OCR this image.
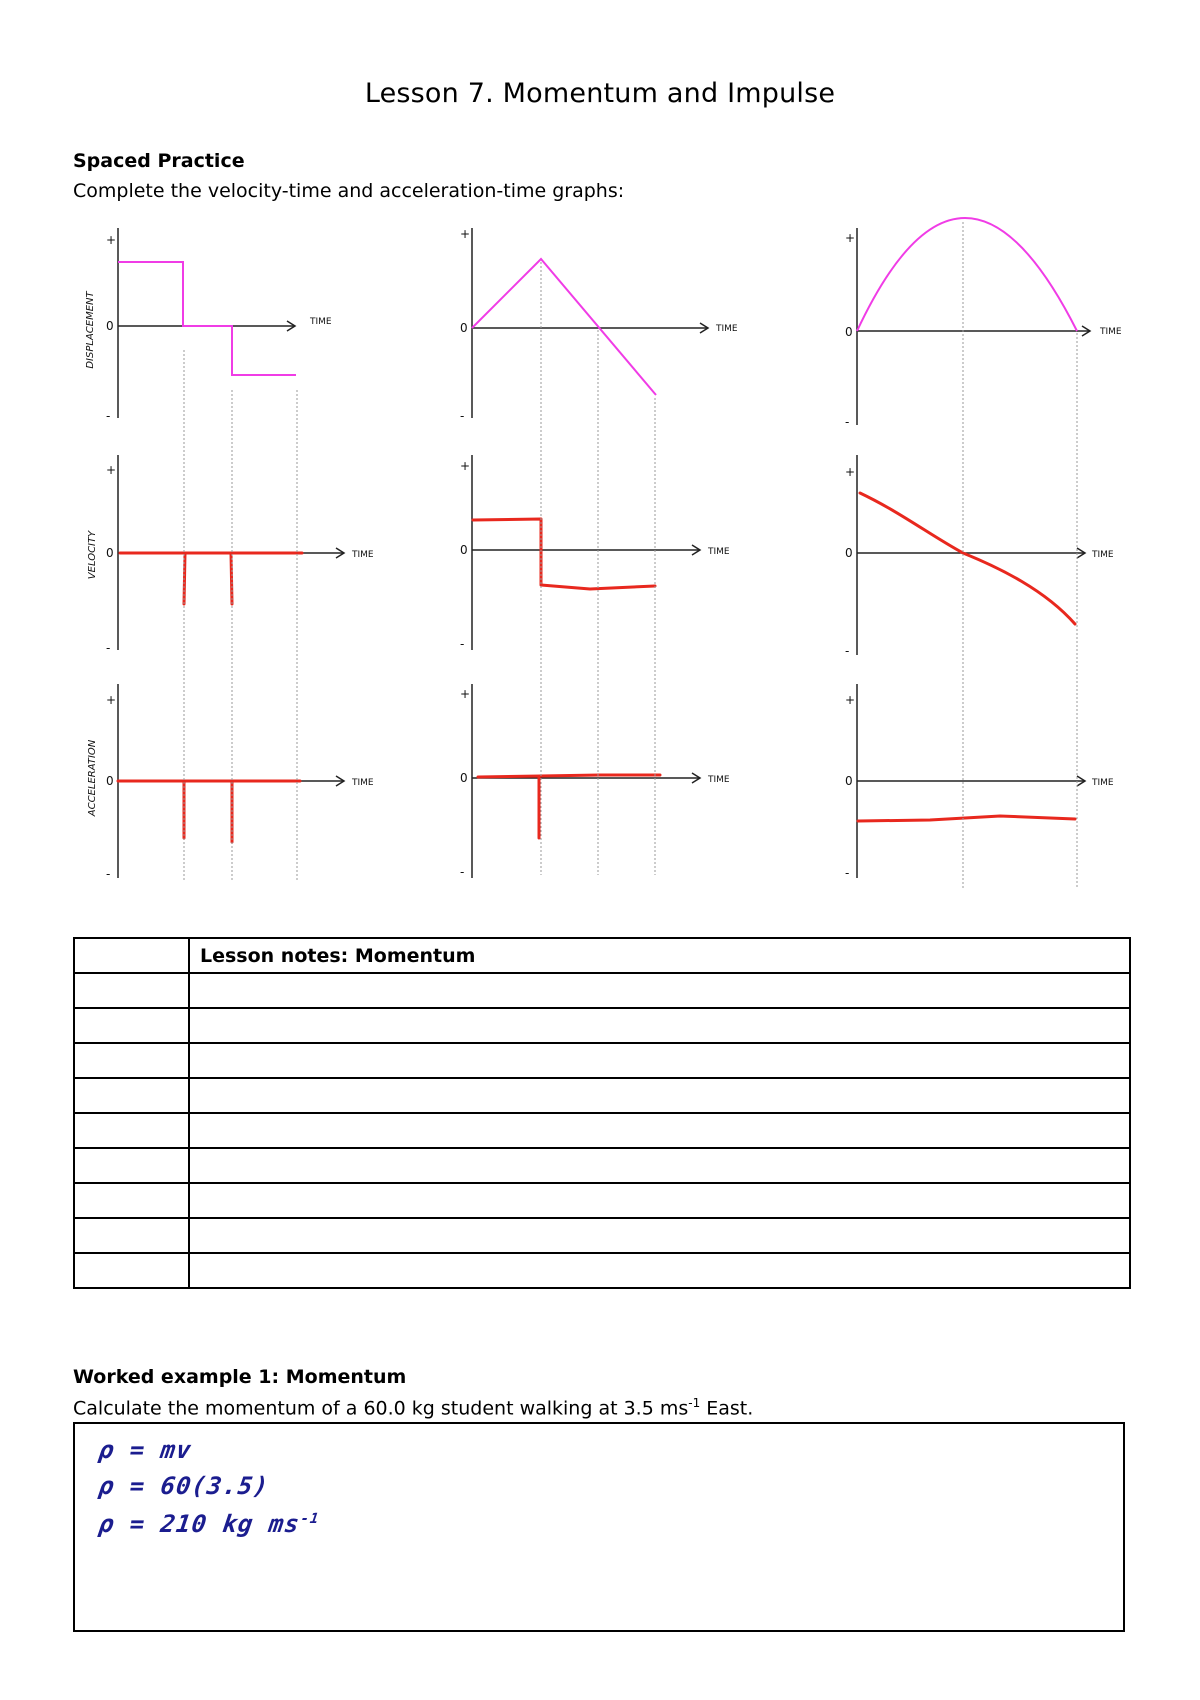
Lesson 7. Momentum and Impulse
Spaced Practice
Complete the velocity-time and acceleration-time graphs:
DISPLACEMENT
VELOCITY
ACCELERATION
+
0
-
TIME
+
0
-
TIME
+
0
-
TIME
+
0
-
TIME
+
0
-
TIME
+
0
-
TIME
+
0
-
TIME
+
0
-
TIME
+
0
-
TIME
	Lesson notes: Momentum

Worked example 1: Momentum
Calculate the momentum of a 60.0 kg student walking at 3.5 $ms^{-1}$ East.
ρ = mv
ρ = 60(3.5)
ρ = 210 kg $ms^{-1}$
